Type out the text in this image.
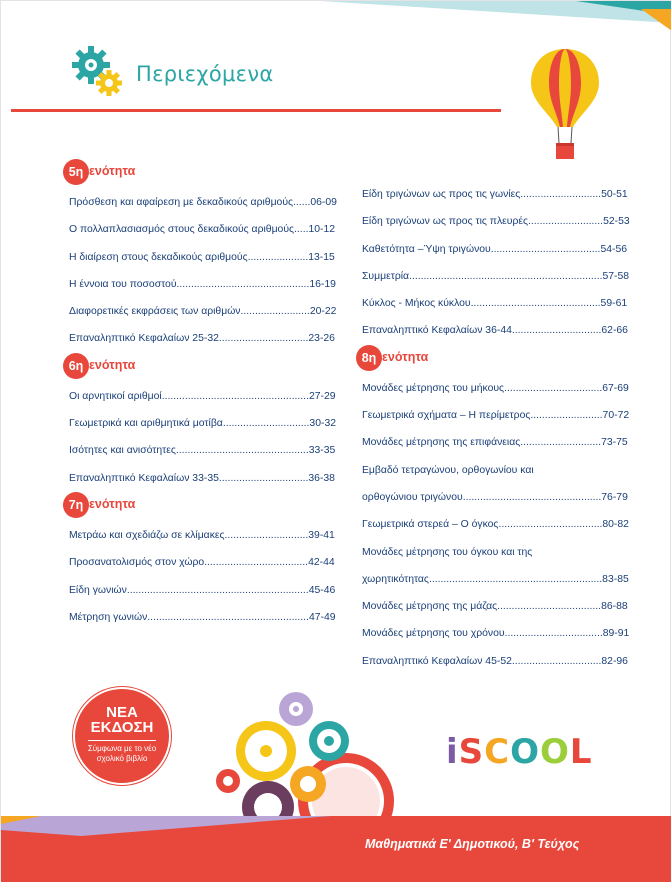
Περιεχόμενα
5η ενότητα
Πρόσθεση και αφαίρεση με δεκαδικούς αριθμούς......06-09
Ο πολλαπλασιασμός στους δεκαδικούς αριθμούς.....10-12
Η διαίρεση στους δεκαδικούς αριθμούς.....................13-15
Η έννοια του ποσοστού..............................................16-19
Διαφορετικές εκφράσεις των αριθμών........................20-22
Επαναληπτικό Κεφαλαίων 25-32...............................23-26
6η ενότητα
Οι αρνητικοί αριθμοί...................................................27-29
Γεωμετρικά και αριθμητικά μοτίβα..............................30-32
Ισότητες και ανισότητες..............................................33-35
Επαναληπτικό Κεφαλαίων 33-35...............................36-38
7η ενότητα
Μετράω και σχεδιάζω σε κλίμακες.............................39-41
Προσανατολισμός στον χώρο....................................42-44
Είδη γωνιών...............................................................45-46
Μέτρηση γωνιών........................................................47-49
Είδη τριγώνων ως προς τις γωνίες............................50-51
Είδη τριγώνων ως προς τις πλευρές..........................52-53
Καθετότητα –Ύψη τριγώνου......................................54-56
Συμμετρία...................................................................57-58
Κύκλος - Μήκος κύκλου.............................................59-61
Επαναληπτικό Κεφαλαίων 36-44...............................62-66
8η ενότητα
Μονάδες μέτρησης του μήκους..................................67-69
Γεωμετρικά σχήματα – Η περίμετρος.........................70-72
Μονάδες μέτρησης της επιφάνειας............................73-75
Εμβαδό τετραγώνου, ορθογωνίου και
ορθογώνιου τριγώνου................................................76-79
Γεωμετρικά στερεά – Ο όγκος....................................80-82
Μονάδες μέτρησης του όγκου και της
χωρητικότητας............................................................83-85
Μονάδες μέτρησης της μάζας....................................86-88
Μονάδες μέτρησης του χρόνου..................................89-91
Επαναληπτικό Κεφαλαίων 45-52...............................82-96
ΝΕΑ
ΕΚΔΟΣΗ
Σύμφωνα με το νέο σχολικό βιβλίο	iSCOOL
Μαθηματικά Ε' Δημοτικού, Β' Τεύχος
